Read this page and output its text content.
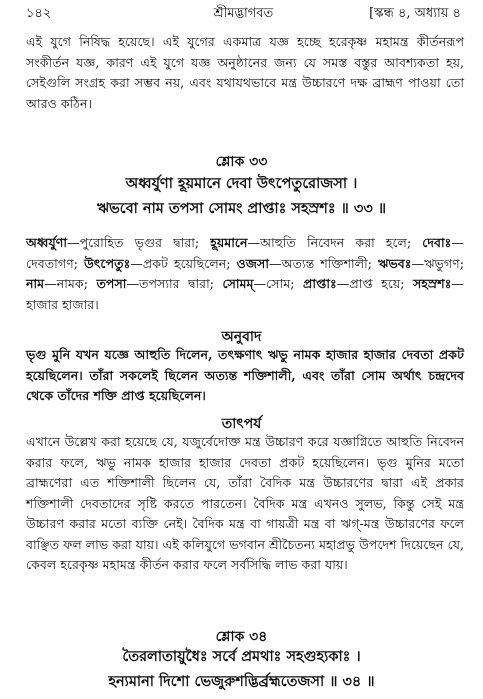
১৪২	শ্রীমদ্ভাগবত	[স্কন্ধ ৪, অধ্যায় ৪

এই যুগে নিষিদ্ধ হয়েছে। এই যুগের একমাত্র যজ্ঞ হচ্ছে হরেকৃষ্ণ মহামন্ত্র কীর্তনরূপ সংকীর্তন যজ্ঞ, কারণ এই যুগে যজ্ঞ অনুষ্ঠানের জন্য যে সমস্ত বস্তুর আবশ্যকতা হয়, সেইগুলি সংগ্রহ করা সম্ভব নয়, এবং যথাযথভাবে মন্ত্র উচ্চারণে দক্ষ ব্রাহ্মণ পাওয়া তো আরও কঠিন।

শ্লোক ৩৩

অধ্বর্যুণা হূয়মানে দেবা উৎপেতুরোজসা ।

ঋভবো নাম তপসা সোমং প্রাপ্তাঃ সহস্রশঃ ॥ ৩৩ ॥

অধ্বর্যুণা—পুরোহিত ভৃগুর দ্বারা; হূয়মানে—আহুতি নিবেদন করা হলে; দেবাঃ—দেবতাগণ; উৎপেতুঃ—প্রকট হয়েছিলেন; ওজসা—অত্যন্ত শক্তিশালী; ঋভবঃ—ঋভুগণ; নাম—নামক; তপসা—তপস্যার দ্বারা; সোমম্—সোম; প্রাপ্তাঃ—প্রাপ্ত হয়ে; সহস্রশঃ—হাজার হাজার।

অনুবাদ

ভৃগু মুনি যখন যজ্ঞে আহুতি দিলেন, তৎক্ষণাৎ ঋভু নামক হাজার হাজার দেবতা প্রকট হয়েছিলেন। তাঁরা সকলেই ছিলেন অত্যন্ত শক্তিশালী, এবং তাঁরা সোম অর্থাৎ চন্দ্রদেব থেকে তাঁদের শক্তি প্রাপ্ত হয়েছিলেন।

তাৎপর্য

এখানে উল্লেখ করা হয়েছে যে, যজুর্বেদোক্ত মন্ত্র উচ্চারণ করে যজ্ঞাগ্নিতে আহুতি নিবেদন করার ফলে, ঋভু নামক হাজার হাজার দেবতা প্রকট হয়েছিলেন। ভৃগু মুনির মতো ব্রাহ্মণেরা এত শক্তিশালী ছিলেন যে, তাঁরা বৈদিক মন্ত্র উচ্চারণের দ্বারা এই প্রকার শক্তিশালী দেবতাদের সৃষ্টি করতে পারতেন। বৈদিক মন্ত্র এখনও সুলভ, কিন্তু সেই মন্ত্র উচ্চারণ করার মতো ব্যক্তি নেই। বৈদিক মন্ত্র বা গায়ত্রী মন্ত্র বা ঋগ্-মন্ত্র উচ্চারণের ফলে বাঞ্ছিত ফল লাভ করা যায়। এই কলিযুগে ভগবান শ্রীচৈতন্য মহাপ্রভু উপদেশ দিয়েছেন যে, কেবল হরেকৃষ্ণ মহামন্ত্র কীর্তন করার ফলে সর্বসিদ্ধি লাভ করা যায়।

শ্লোক ৩৪

তৈরলাতায়ুধৈঃ সর্বে প্রমথাঃ সহগুহ্যকাঃ ।

হন্যমানা দিশো ভেজুরুশদ্ভির্ব্রহ্মতেজসা ॥ ৩৪ ॥
